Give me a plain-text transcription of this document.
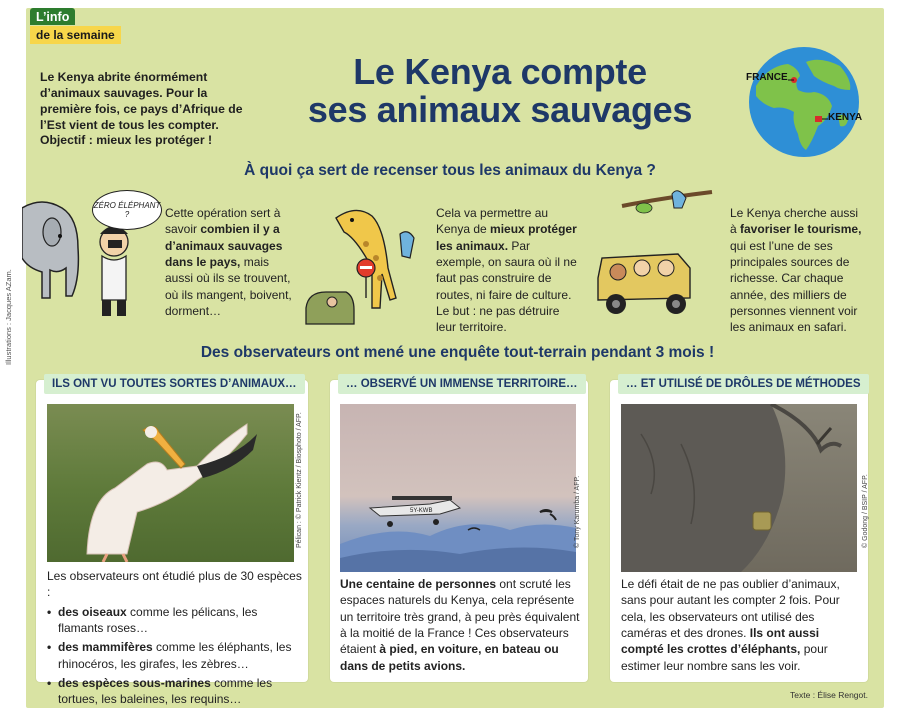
Illustrations : Jacques AZam.
L’info
de la semaine
Le Kenya abrite énormément d’animaux sauvages. Pour la première fois, ce pays d’Afrique de l’Est vient de tous les compter. Objectif : mieux les protéger !
Le Kenya compte
ses animaux sauvages
FRANCE
KENYA
À quoi ça sert de recenser tous les animaux du Kenya ?
ZÉRO ÉLÉPHANT ?	Cette opération sert à savoir combien il y a d’animaux sauvages dans le pays, mais aussi où ils se trouvent, où ils mangent, boivent, dorment…
Cela va permettre au Kenya de mieux protéger les animaux. Par exemple, on saura où il ne faut pas construire de routes, ni faire de culture. Le but : ne pas détruire leur territoire.
Le Kenya cherche aussi à favoriser le tourisme, qui est l’une de ses principales sources de richesse. Car chaque année, des milliers de personnes viennent voir les animaux en safari.
Des observateurs ont mené une enquête tout-terrain pendant 3 mois !
ILS ONT VU TOUTES SORTES D’ANIMAUX…
Pélican : © Patrick Kientz / Biosphoto / AFP.
Les observateurs ont étudié plus de 30 espèces :
• des oiseaux comme les pélicans, les flamants roses…
• des mammifères comme les éléphants, les rhinocéros, les girafes, les zèbres…
• des espèces sous-marines comme les tortues, les baleines, les requins…
… OBSERVÉ UN IMMENSE TERRITOIRE…
5Y-KWB	© Tony Karumba / AFP.
Une centaine de personnes ont scruté les espaces naturels du Kenya, cela représente un territoire très grand, à peu près équivalent à la moitié de la France ! Ces observateurs étaient à pied, en voiture, en bateau ou dans de petits avions.
… ET UTILISÉ DE DRÔLES DE MÉTHODES
© Godong / BSIP / AFP.
Le défi était de ne pas oublier d’animaux, sans pour autant les compter 2 fois. Pour cela, les observateurs ont utilisé des caméras et des drones. Ils ont aussi compté les crottes d’éléphants, pour estimer leur nombre sans les voir.
Texte : Élise Rengot.
